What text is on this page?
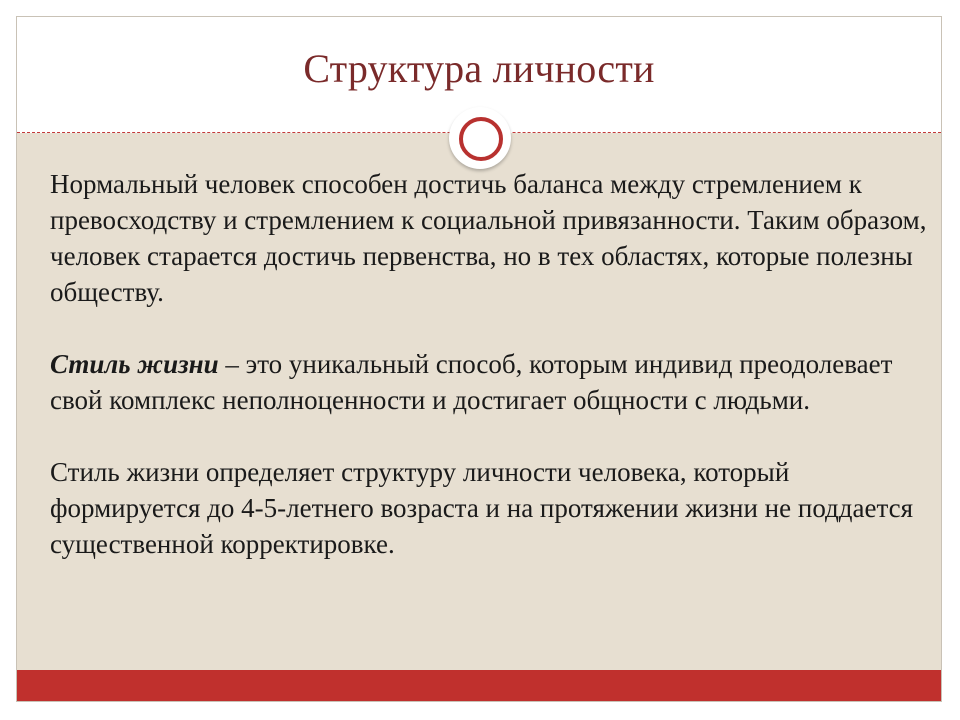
Структура личности

Нормальный человек способен достичь баланса между стремлением к превосходству и стремлением к социальной привязанности. Таким образом, человек старается достичь первенства, но в тех областях, которые полезны обществу.

Стиль жизни – это уникальный способ, которым индивид преодолевает свой комплекс неполноценности и достигает общности с людьми.

Стиль жизни определяет структуру личности человека, который формируется до 4-5-летнего возраста и на протяжении жизни не поддается существенной корректировке.
